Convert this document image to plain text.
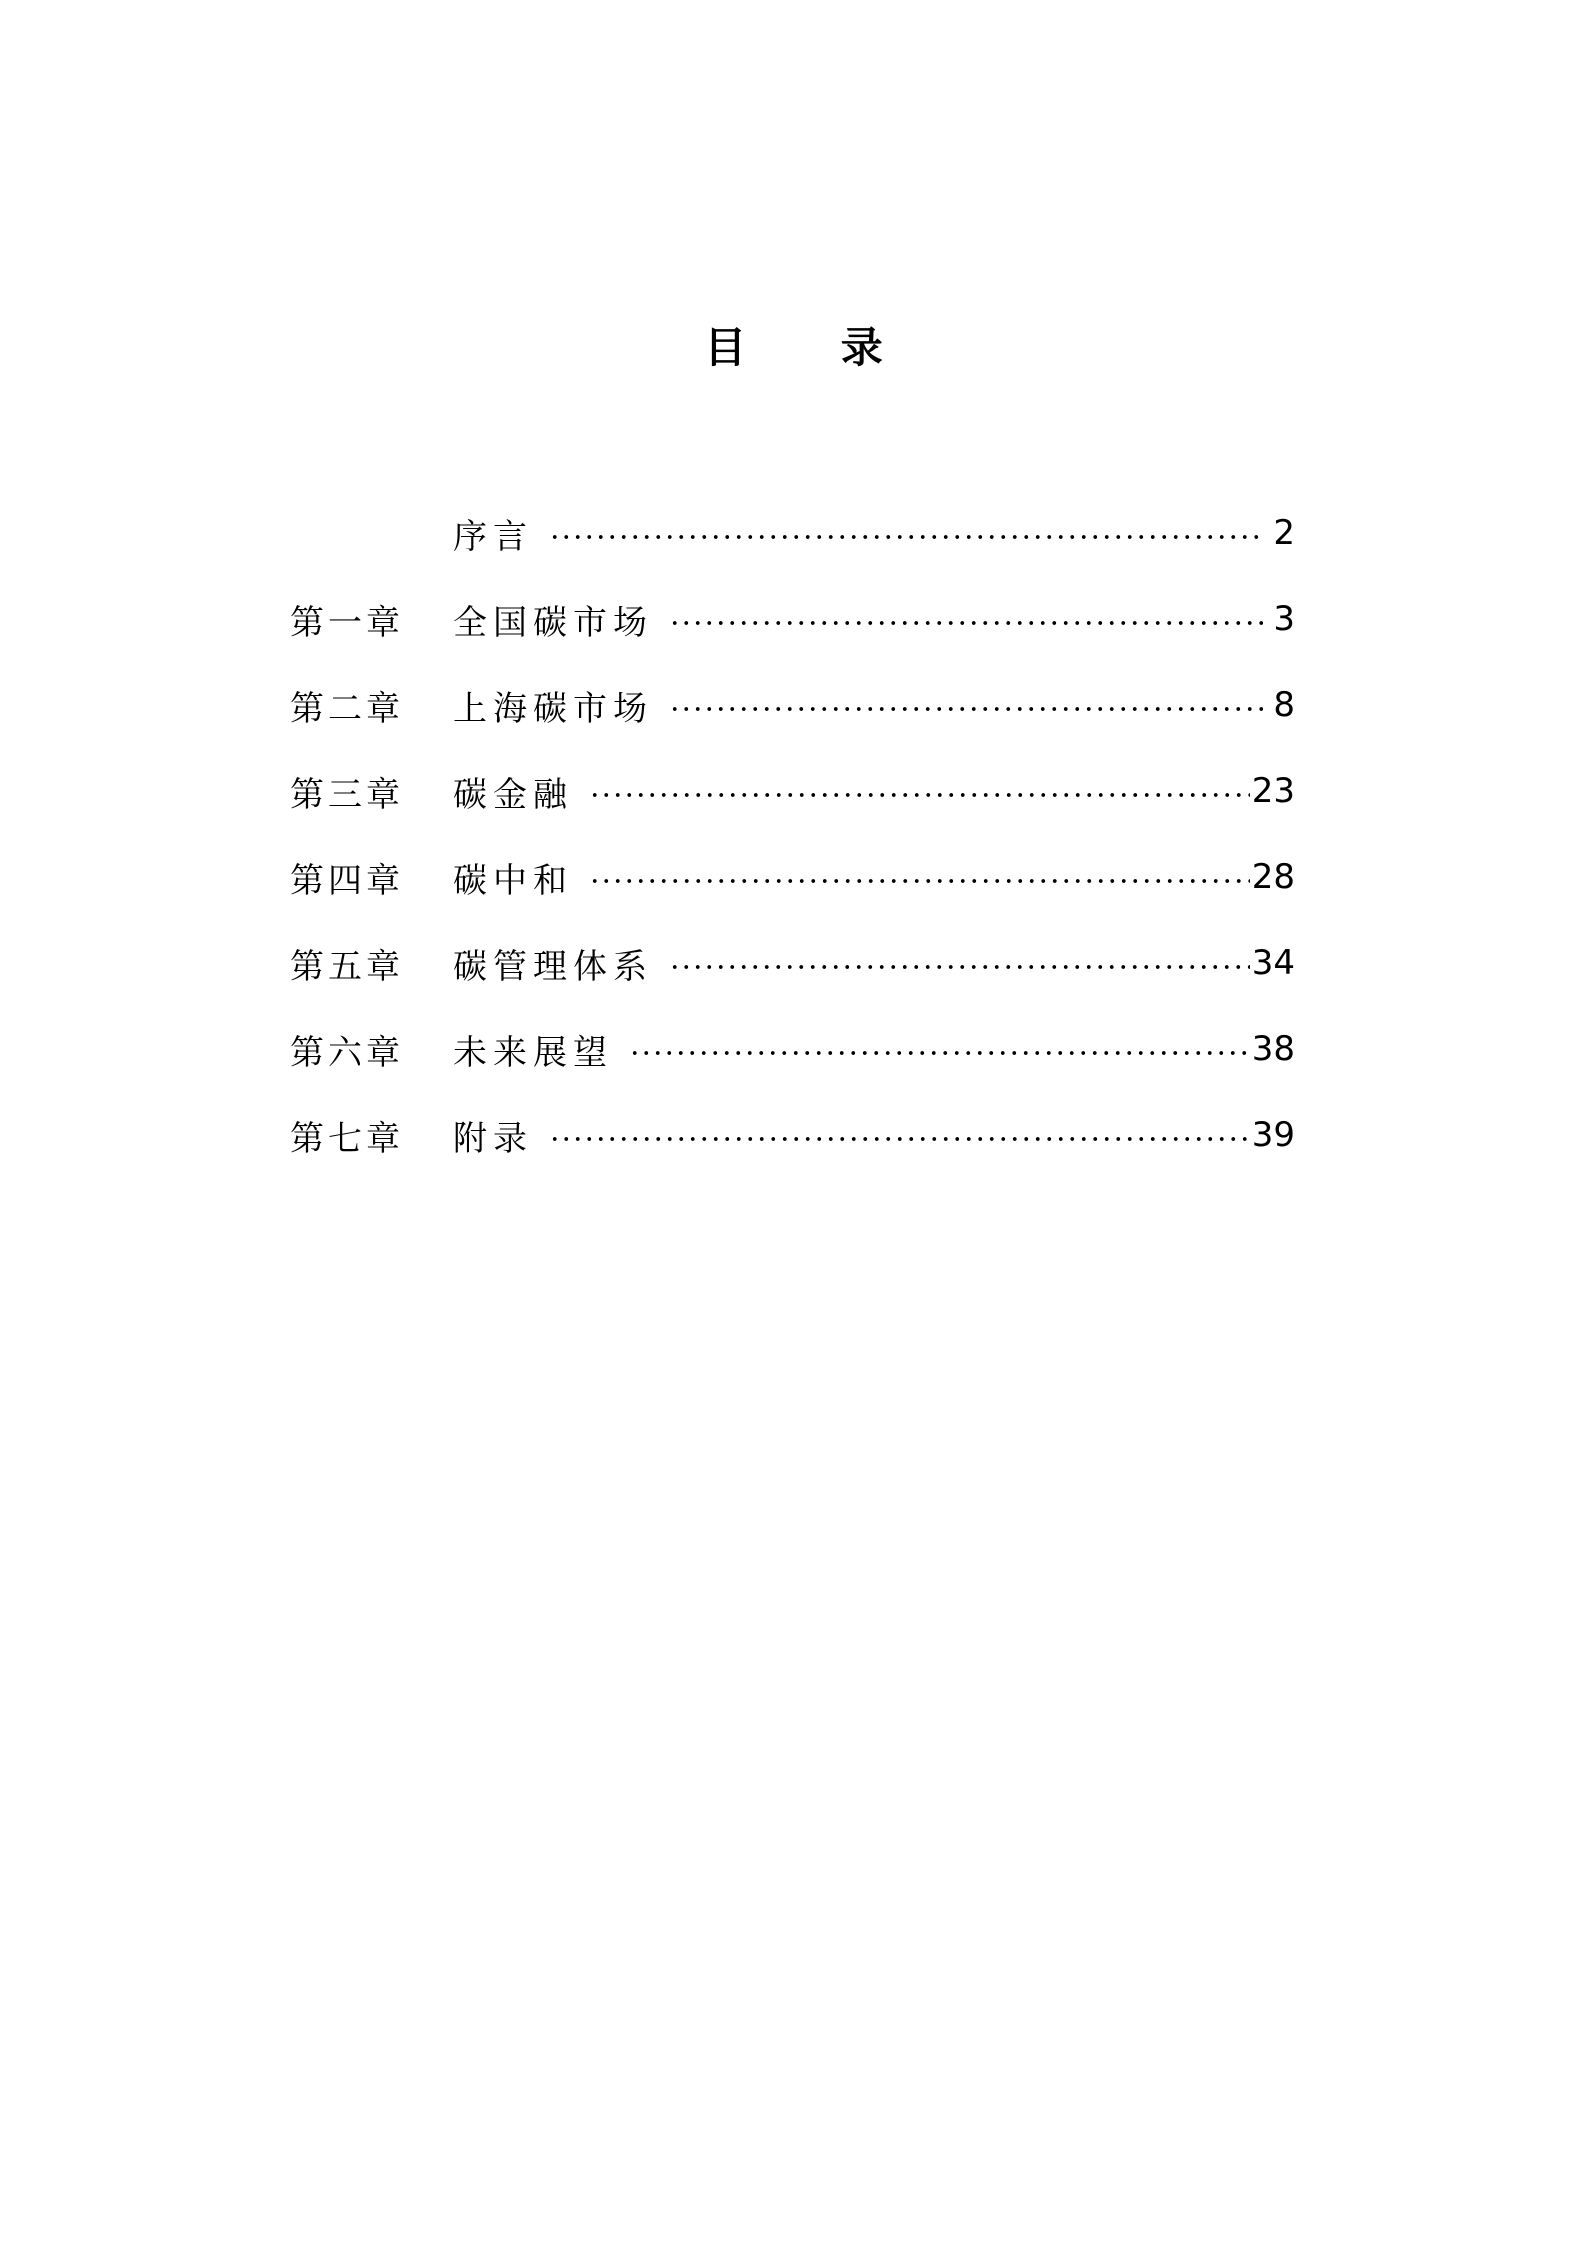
目 录
序言	2
第一章	全国碳市场	3
第二章	上海碳市场	8
第三章	碳金融	23
第四章	碳中和	28
第五章	碳管理体系	34
第六章	未来展望	38
第七章	附录	39
